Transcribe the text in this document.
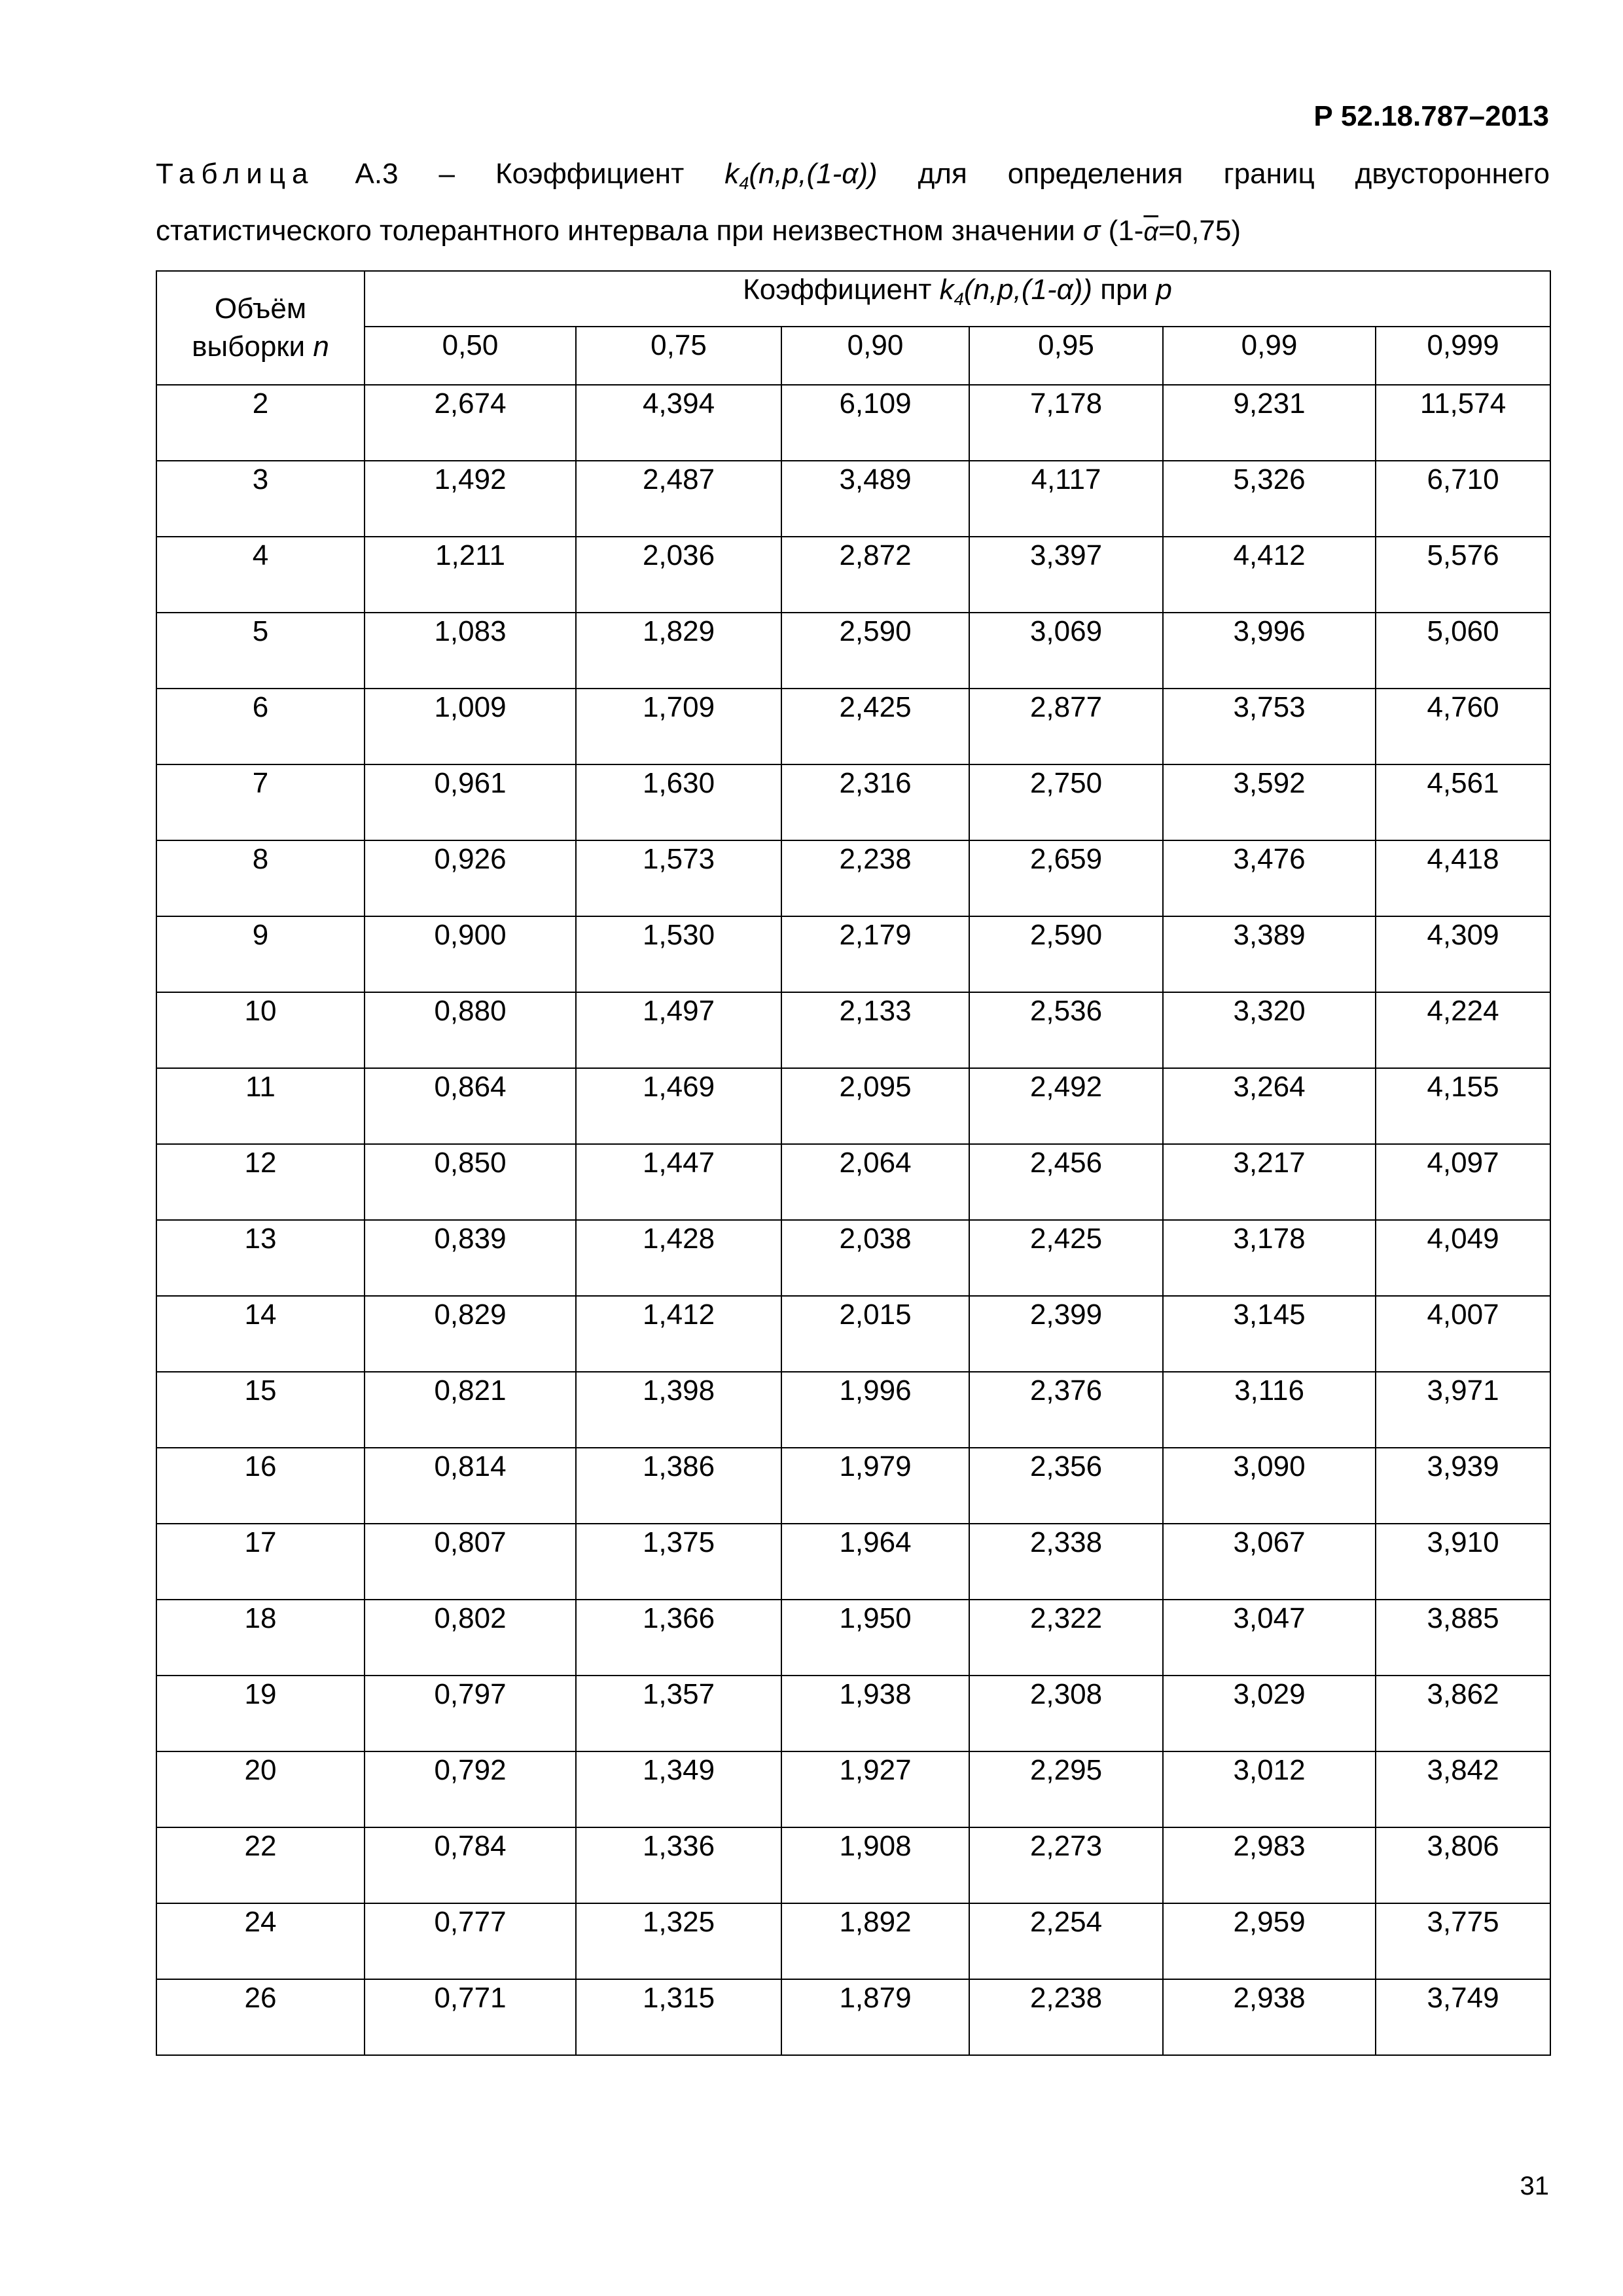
Р 52.18.787–2013
Таблица А.3 – Коэффициент k4(n,p,(1-α)) для определения границ двустороннего
статистического толерантного интервала при неизвестном значении σ $(1-\overline{\alpha}=0,75)$
Объём
выборки n	Коэффициент k4(n,p,(1-α)) при p					
	0,50	0,75	0,90	0,95	0,99	0,999
2	2,674	4,394	6,109	7,178	9,231	11,574
3	1,492	2,487	3,489	4,117	5,326	6,710
4	1,211	2,036	2,872	3,397	4,412	5,576
5	1,083	1,829	2,590	3,069	3,996	5,060
6	1,009	1,709	2,425	2,877	3,753	4,760
7	0,961	1,630	2,316	2,750	3,592	4,561
8	0,926	1,573	2,238	2,659	3,476	4,418
9	0,900	1,530	2,179	2,590	3,389	4,309
10	0,880	1,497	2,133	2,536	3,320	4,224
11	0,864	1,469	2,095	2,492	3,264	4,155
12	0,850	1,447	2,064	2,456	3,217	4,097
13	0,839	1,428	2,038	2,425	3,178	4,049
14	0,829	1,412	2,015	2,399	3,145	4,007
15	0,821	1,398	1,996	2,376	3,116	3,971
16	0,814	1,386	1,979	2,356	3,090	3,939
17	0,807	1,375	1,964	2,338	3,067	3,910
18	0,802	1,366	1,950	2,322	3,047	3,885
19	0,797	1,357	1,938	2,308	3,029	3,862
20	0,792	1,349	1,927	2,295	3,012	3,842
22	0,784	1,336	1,908	2,273	2,983	3,806
24	0,777	1,325	1,892	2,254	2,959	3,775
26	0,771	1,315	1,879	2,238	2,938	3,749
31
